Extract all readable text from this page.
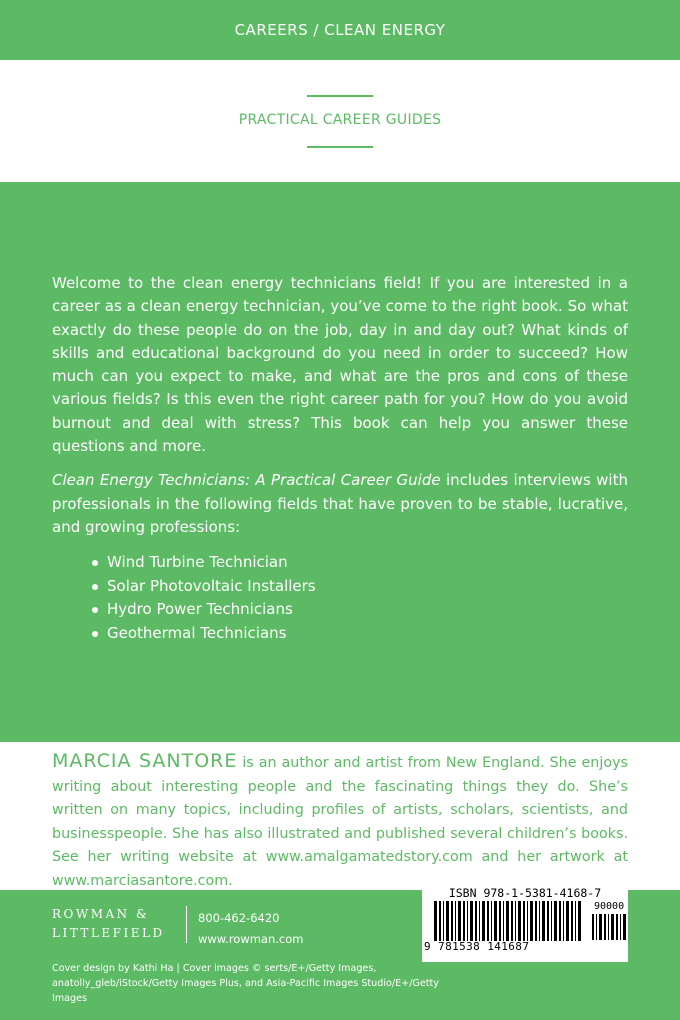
CAREERS / CLEAN ENERGY
PRACTICAL CAREER GUIDES

Welcome to the clean energy technicians field! If you are interested in a career as a clean energy technician, you’ve come to the right book. So what exactly do these people do on the job, day in and day out? What kinds of skills and educational background do you need in order to succeed? How much can you expect to make, and what are the pros and cons of these various fields? Is this even the right career path for you? How do you avoid burnout and deal with stress? This book can help you answer these questions and more.

Clean Energy Technicians: A Practical Career Guide includes interviews with professionals in the following fields that have proven to be stable, lucrative, and growing professions:

Wind Turbine Technician
Solar Photovoltaic Installers
Hydro Power Technicians
Geothermal Technicians

MARCIA SANTORE is an author and artist from New England. She enjoys writing about interesting people and the fascinating things they do. She’s written on many topics, including profiles of artists, scholars, scientists, and businesspeople. She has also illustrated and published several children’s books. See her writing website at www.amalgamatedstory.com and her artwork at www.marciasantore.com.

ROWMAN &
LITTLEFIELD
800-462-6420
www.rowman.com
ISBN 978-1-5381-4168-7
9 781538 141687
90000

Cover design by Kathi Ha | Cover images © serts/E+/Getty Images, anatoliy_gleb/iStock/Getty Images Plus, and Asia-Pacific Images Studio/E+/Getty Images
